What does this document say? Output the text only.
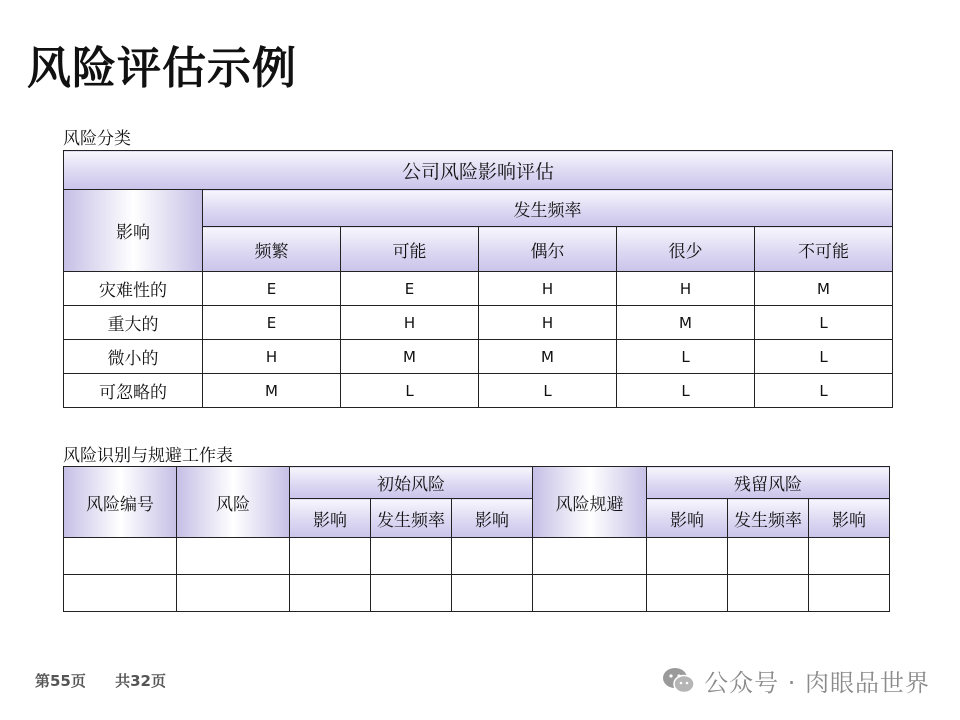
风险评估示例
风险分类
公司风险影响评估					
影响	发生频率				
	频繁	可能	偶尔	很少	不可能
灾难性的	E	E	H	H	M
重大的	E	H	H	M	L
微小的	H	M	M	L	L
可忽略的	M	L	L	L	L
风险识别与规避工作表
风险编号	风险	初始风险			风险规避	残留风险		
		影响	发生频率	影响		影响	发生频率	影响

第55页 共32页	公众号 · 肉眼品世界
